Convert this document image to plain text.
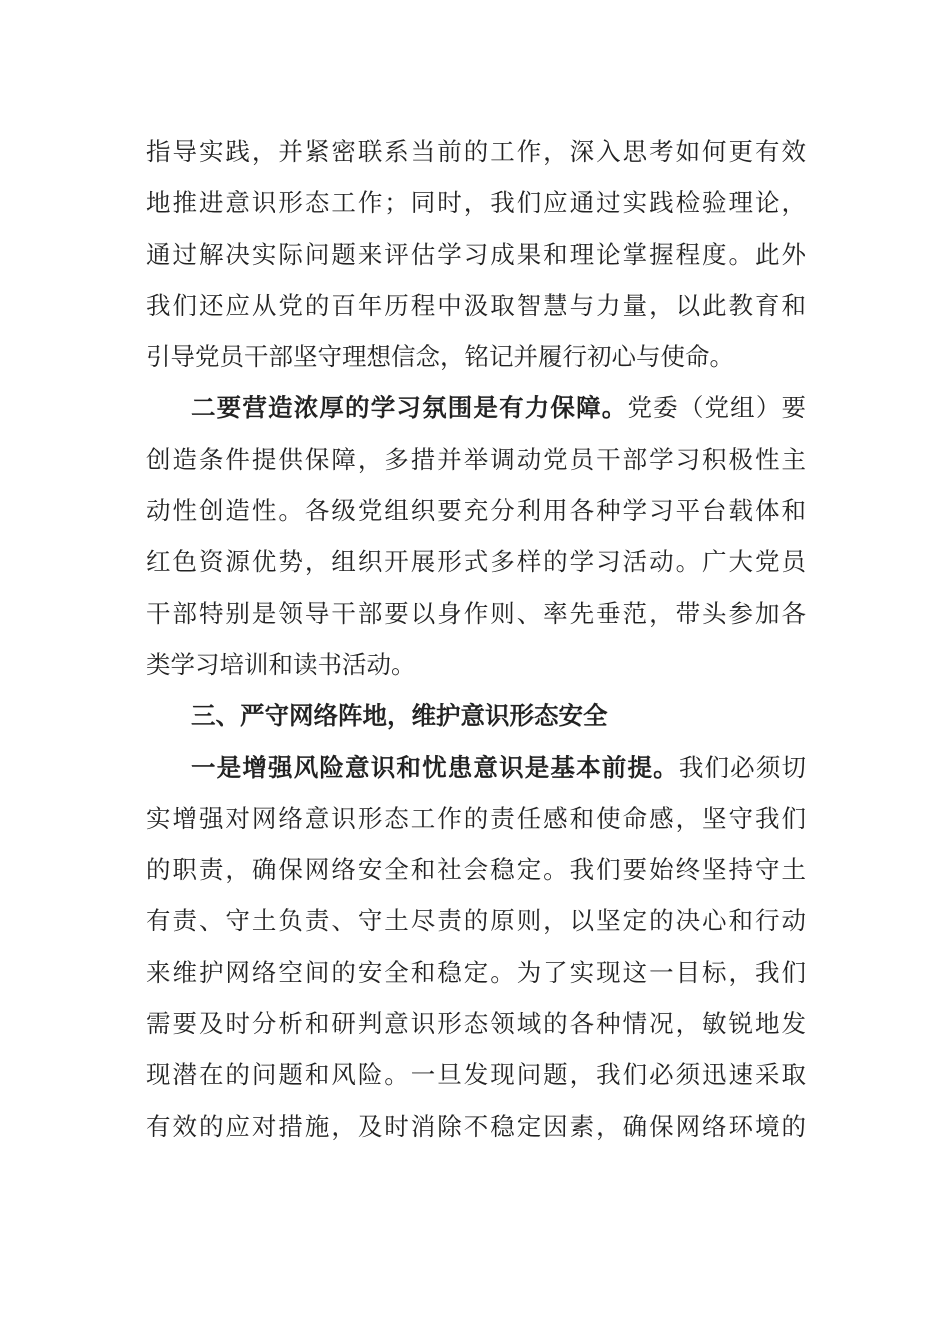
指导实践，并紧密联系当前的工作，深入思考如何更有效
地推进意识形态工作；同时，我们应通过实践检验理论，
通过解决实际问题来评估学习成果和理论掌握程度。此外
我们还应从党的百年历程中汲取智慧与力量，以此教育和
引导党员干部坚守理想信念，铭记并履行初心与使命。
二要营造浓厚的学习氛围是有力保障。党委（党组）要
创造条件提供保障，多措并举调动党员干部学习积极性主
动性创造性。各级党组织要充分利用各种学习平台载体和
红色资源优势，组织开展形式多样的学习活动。广大党员
干部特别是领导干部要以身作则、率先垂范，带头参加各
类学习培训和读书活动。
三、严守网络阵地，维护意识形态安全
一是增强风险意识和忧患意识是基本前提。我们必须切
实增强对网络意识形态工作的责任感和使命感，坚守我们
的职责，确保网络安全和社会稳定。我们要始终坚持守土
有责、守土负责、守土尽责的原则，以坚定的决心和行动
来维护网络空间的安全和稳定。为了实现这一目标，我们
需要及时分析和研判意识形态领域的各种情况，敏锐地发
现潜在的问题和风险。一旦发现问题，我们必须迅速采取
有效的应对措施，及时消除不稳定因素，确保网络环境的
